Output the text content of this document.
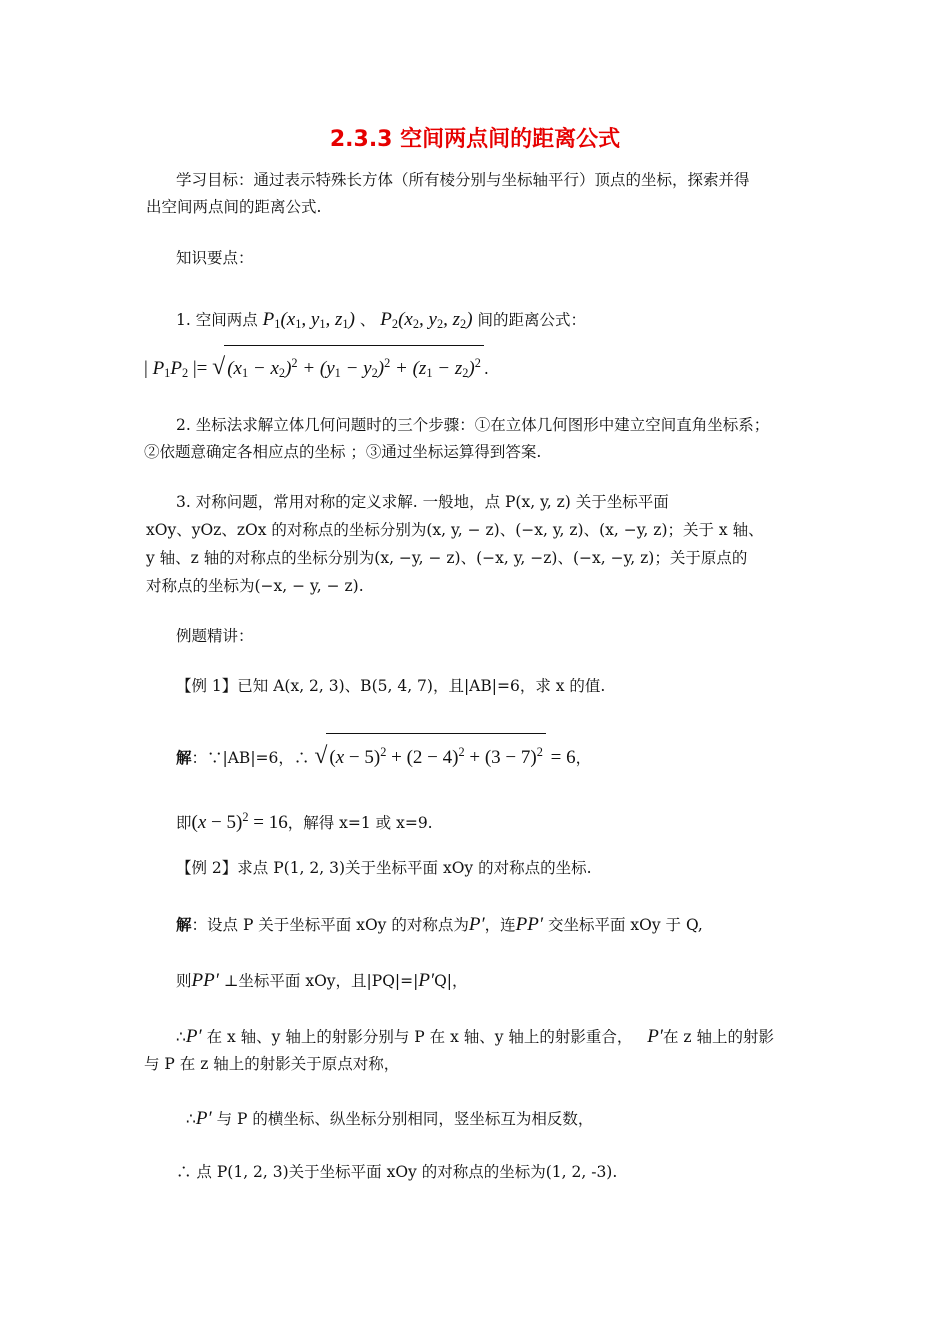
2.3.3 空间两点间的距离公式
学习目标：通过表示特殊长方体（所有棱分别与坐标轴平行）顶点的坐标，探索并得
出空间两点间的距离公式.
知识要点：
1. 空间两点 $P_1(x_1$, $y_1$, $z_1$) 、 $P_2(x_2$, $y_2$, $z_2$) 间的距离公式：
| $P_1P_2$ |= √ $(x_1 - x_2)^2 + (y_1 - y_2)^2 + (z_1 - z_2)^2$ .
2. 坐标法求解立体几何问题时的三个步骤：①在立体几何图形中建立空间直角坐标系；
②依题意确定各相应点的坐标 ；③通过坐标运算得到答案.
3. 对称问题，常用对称的定义求解. 一般地，点 P(x, y, z) 关于坐标平面
xOy、yOz、zOx 的对称点的坐标分别为(x, y, − z)、(−x, y, z)、(x, −y, z)；关于 x 轴、
y 轴、z 轴的对称点的坐标分别为(x, −y, − z)、(−x, y, −z)、(−x, −y, z)；关于原点的
对称点的坐标为(−x, − y, − z).
例题精讲：
【例 1】已知 A(x, 2, 3)、B(5, 4, 7)，且|AB|=6，求 x 的值.
解：∵|AB|=6，∴ √ $(x - 5)^2 + (2 - 4)^2 + (3 - 7)^2 = 6$，
即$(x - 5)^2 = 16$，解得 x=1 或 x=9.
【例 2】求点 P(1, 2, 3)关于坐标平面 xOy 的对称点的坐标.
解：设点 P 关于坐标平面 xOy 的对称点为P′，连PP′ 交坐标平面 xOy 于 Q,
则PP′ ⊥坐标平面 xOy，且|PQ|=|P′Q|，
∴P′ 在 x 轴、y 轴上的射影分别与 P 在 x 轴、y 轴上的射影重合， P′在 z 轴上的射影
与 P 在 z 轴上的射影关于原点对称，
∴P′ 与 P 的横坐标、纵坐标分别相同，竖坐标互为相反数，
∴ 点 P(1, 2, 3)关于坐标平面 xOy 的对称点的坐标为(1, 2, -3).
